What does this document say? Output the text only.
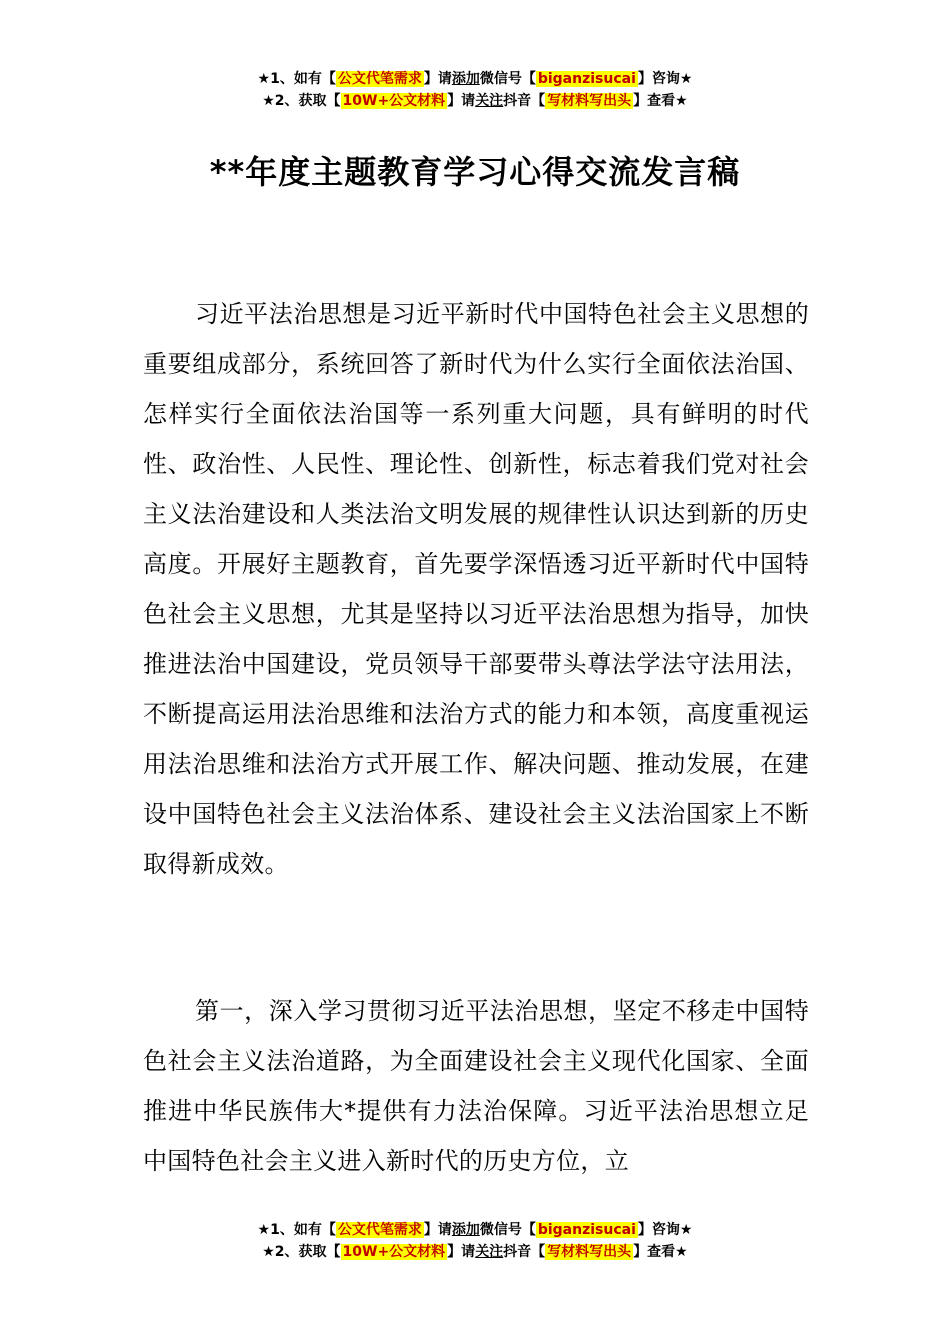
★1、如有【 公文代笔需求 】请添加微信号【 biganzisucai 】咨询★
★2、获取【 10W+公文材料 】请关注抖音【 写材料写出头 】查看★
**年度主题教育学习心得交流发言稿

习近平法治思想是习近平新时代中国特色社会主义思想的重要组成部分，系统回答了新时代为什么实行全面依法治国、怎样实行全面依法治国等一系列重大问题，具有鲜明的时代性、政治性、人民性、理论性、创新性，标志着我们党对社会主义法治建设和人类法治文明发展的规律性认识达到新的历史高度。开展好主题教育，首先要学深悟透习近平新时代中国特色社会主义思想，尤其是坚持以习近平法治思想为指导，加快推进法治中国建设，党员领导干部要带头尊法学法守法用法，不断提高运用法治思维和法治方式的能力和本领，高度重视运用法治思维和法治方式开展工作、解决问题、推动发展，在建设中国特色社会主义法治体系、建设社会主义法治国家上不断取得新成效。

第一，深入学习贯彻习近平法治思想，坚定不移走中国特色社会主义法治道路，为全面建设社会主义现代化国家、全面推进中华民族伟大*提供有力法治保障。习近平法治思想立足中国特色社会主义进入新时代的历史方位，立

★1、如有【 公文代笔需求 】请添加微信号【 biganzisucai 】咨询★
★2、获取【 10W+公文材料 】请关注抖音【 写材料写出头 】查看★
